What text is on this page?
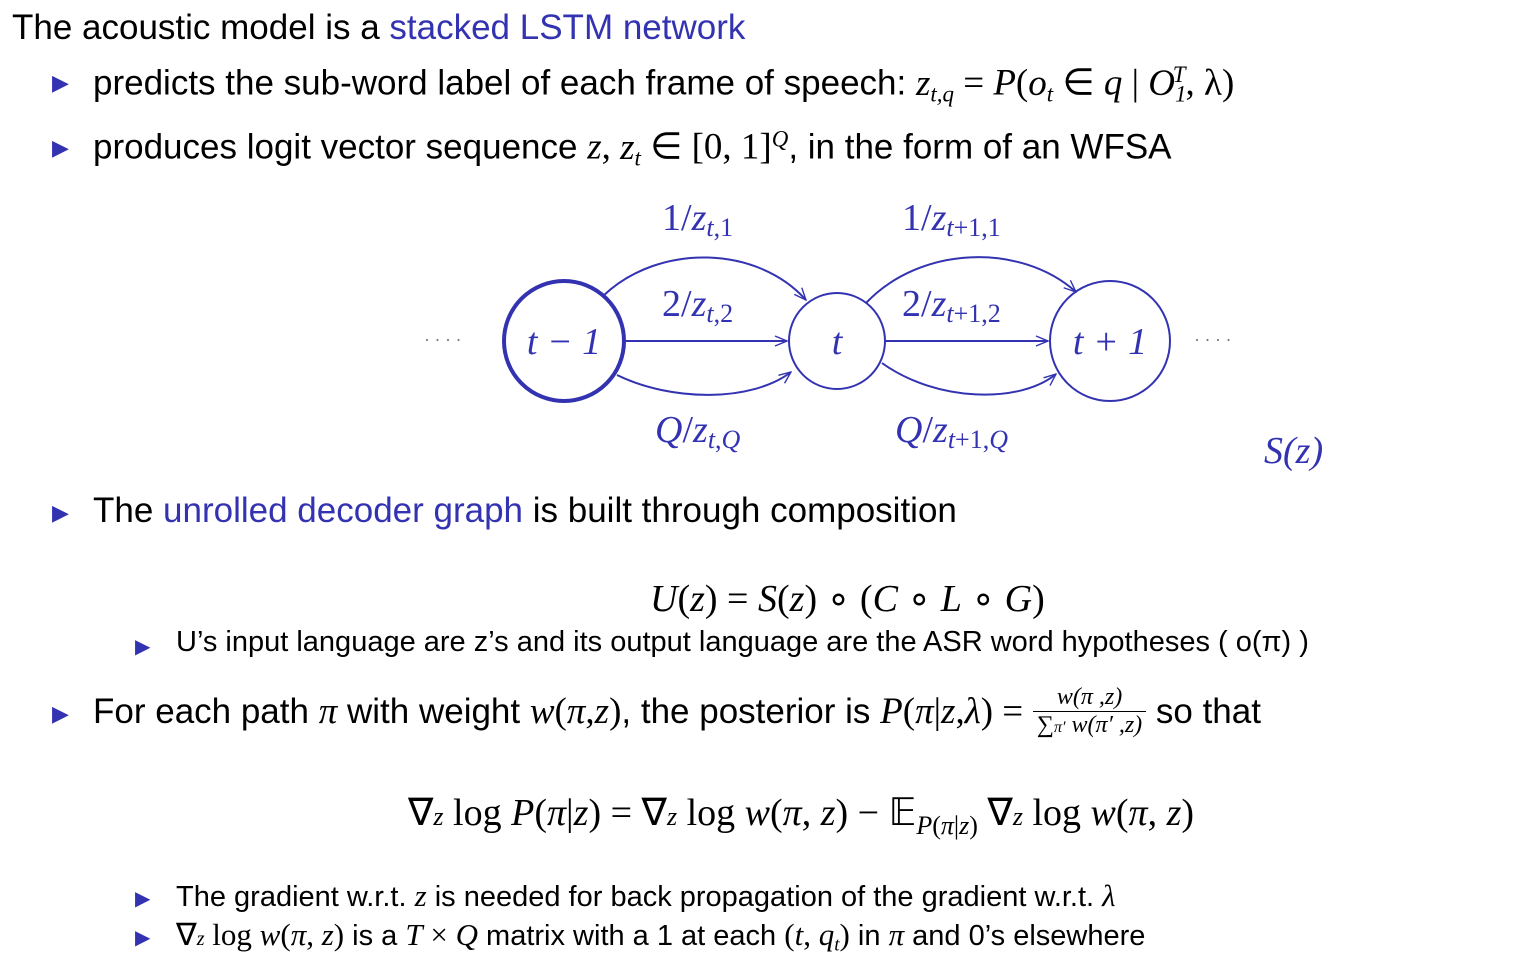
The acoustic model is a stacked LSTM network
▶ predicts the sub-word label of each frame of speech: zt,q = P(ot ∈ q | $O1^T$, λ)
▶ produces logit vector sequence z, zt ∈ [0, 1]$^Q$, in the form of an WFSA
· · · ·	· · · ·
t − 1	t	t + 1
1/zt,1
2/zt,2
Q/zt,Q
1/zt+1,1
2/zt+1,2
Q/zt+1,Q	S(z)
▶ The unrolled decoder graph is built through composition
U(z) = S(z) ∘ (C ∘ L ∘ G)
▶ U’s input language are z’s and its output language are the ASR word hypotheses ( o(π) )
▶ For each path
π
with weight
w ( π , z ) , the posterior is
P ( π | z , λ ) =
$\frac{w(\pi ,z)}{\sum\pi' w(\pi' ,z)}$
so that
∇z log P(π|z) = ∇z log w(π, z) − 𝔼$_{P(\pi|z)}$ ∇z log w(π, z)
▶ The gradient w.r.t. z is needed for back propagation of the gradient w.r.t. λ
▶ ∇z log w(π, z) is a T × Q matrix with a 1 at each (t, qt) in π and 0’s elsewhere
